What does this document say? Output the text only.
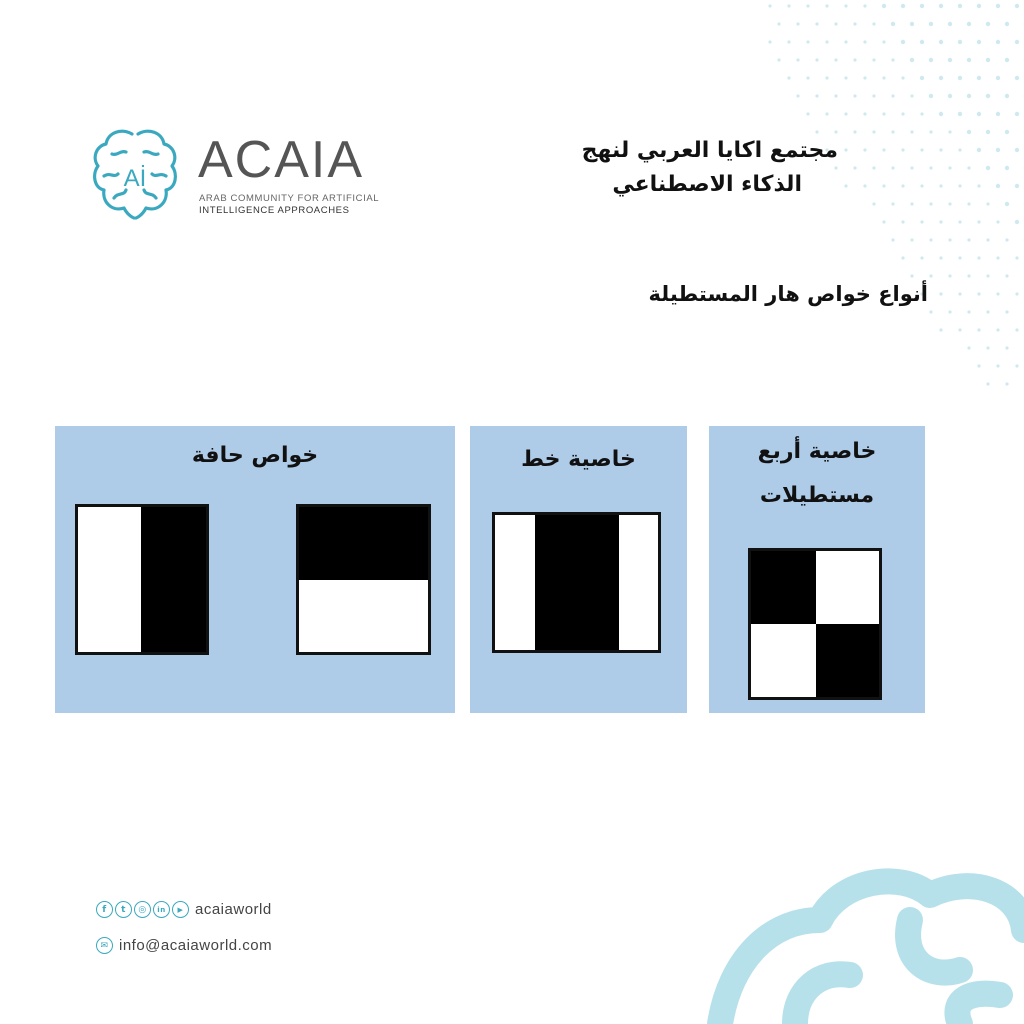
Aİ ACAIA
ARAB COMMUNITY FOR ARTIFICIAL
INTELLIGENCE APPROACHES
مجتمع اكايا العربي لنهج
الذكاء الاصطناعي
أنواع خواص هار المستطيلة
خواص حافة	خاصية خط	خاصية أربع
مستطيلات
f	t	◎	in	▶ acaiaworld
✉ info@acaiaworld.com
